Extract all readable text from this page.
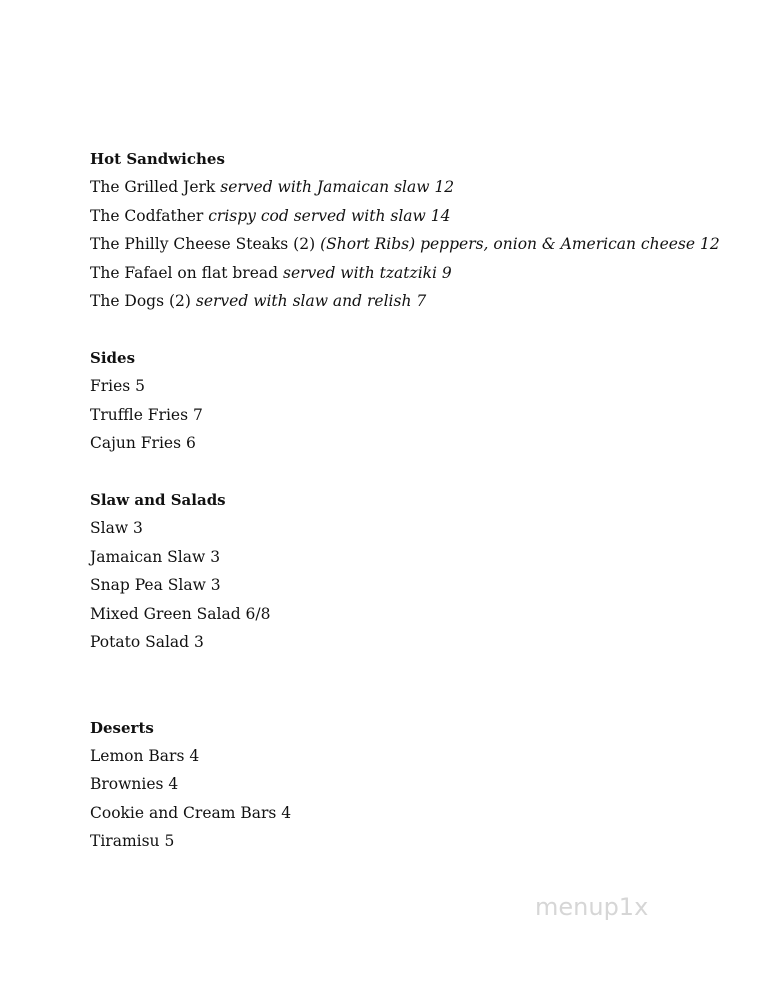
Hot Sandwiches

The Grilled Jerk served with Jamaican slaw 12

The Codfather crispy cod served with slaw 14

The Philly Cheese Steaks (2) (Short Ribs) peppers, onion & American cheese 12

The Fafael on flat bread served with tzatziki 9

The Dogs (2) served with slaw and relish 7

Sides

Fries 5

Truffle Fries 7

Cajun Fries 6

Slaw and Salads

Slaw 3

Jamaican Slaw 3

Snap Pea Slaw 3

Mixed Green Salad 6/8

Potato Salad 3

Deserts

Lemon Bars 4

Brownies 4

Cookie and Cream Bars 4

Tiramisu 5

menup1x
